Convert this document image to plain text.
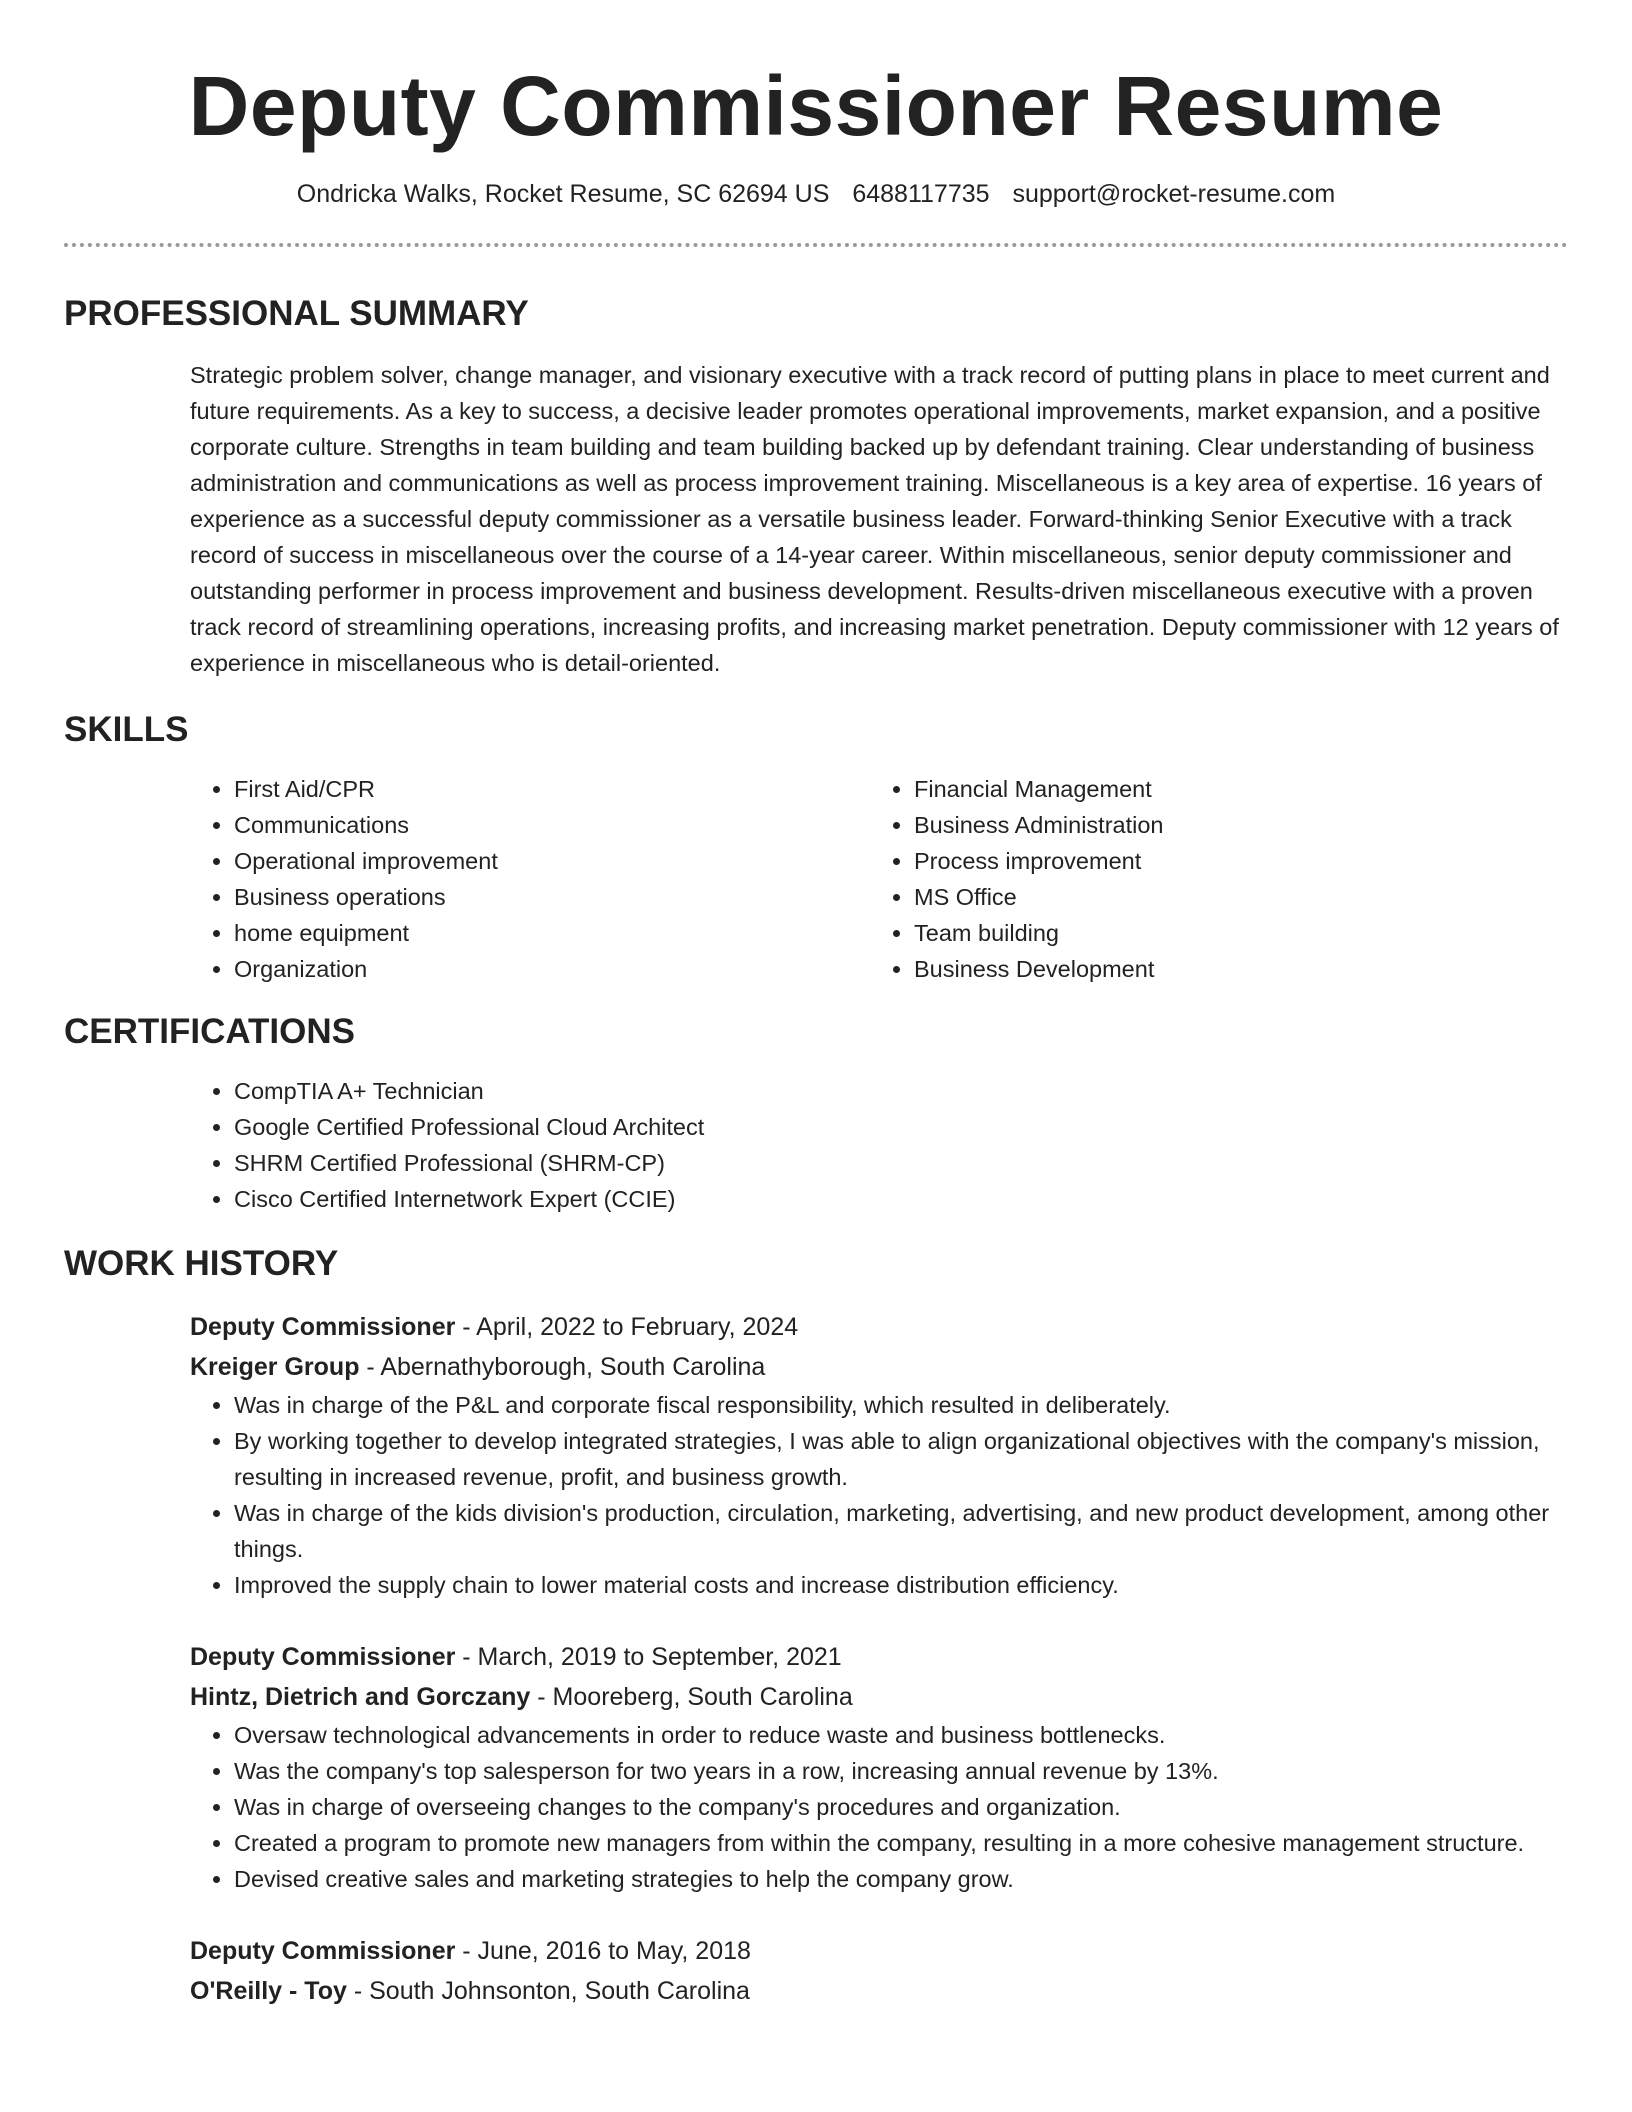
Deputy Commissioner Resume
Ondricka Walks, Rocket Resume, SC 62694 US 6488117735 support@rocket-resume.com
PROFESSIONAL SUMMARY
Strategic problem solver, change manager, and visionary executive with a track record of putting plans in place to meet current and future requirements. As a key to success, a decisive leader promotes operational improvements, market expansion, and a positive corporate culture. Strengths in team building and team building backed up by defendant training. Clear understanding of business administration and communications as well as process improvement training. Miscellaneous is a key area of expertise. 16 years of experience as a successful deputy commissioner as a versatile business leader. Forward-thinking Senior Executive with a track record of success in miscellaneous over the course of a 14-year career. Within miscellaneous, senior deputy commissioner and outstanding performer in process improvement and business development. Results-driven miscellaneous executive with a proven track record of streamlining operations, increasing profits, and increasing market penetration. Deputy commissioner with 12 years of experience in miscellaneous who is detail-oriented.
SKILLS
• First Aid/CPR
• Communications
• Operational improvement
• Business operations
• home equipment
• Organization
• Financial Management
• Business Administration
• Process improvement
• MS Office
• Team building
• Business Development
CERTIFICATIONS
• CompTIA A+ Technician
• Google Certified Professional Cloud Architect
• SHRM Certified Professional (SHRM-CP)
• Cisco Certified Internetwork Expert (CCIE)
WORK HISTORY
Deputy Commissioner - April, 2022 to February, 2024
Kreiger Group - Abernathyborough, South Carolina
• Was in charge of the P&L and corporate fiscal responsibility, which resulted in deliberately.
• By working together to develop integrated strategies, I was able to align organizational objectives with the company's mission, resulting in increased revenue, profit, and business growth.
• Was in charge of the kids division's production, circulation, marketing, advertising, and new product development, among other things.
• Improved the supply chain to lower material costs and increase distribution efficiency.
Deputy Commissioner - March, 2019 to September, 2021
Hintz, Dietrich and Gorczany - Mooreberg, South Carolina
• Oversaw technological advancements in order to reduce waste and business bottlenecks.
• Was the company's top salesperson for two years in a row, increasing annual revenue by 13%.
• Was in charge of overseeing changes to the company's procedures and organization.
• Created a program to promote new managers from within the company, resulting in a more cohesive management structure.
• Devised creative sales and marketing strategies to help the company grow.
Deputy Commissioner - June, 2016 to May, 2018
O'Reilly - Toy - South Johnsonton, South Carolina
